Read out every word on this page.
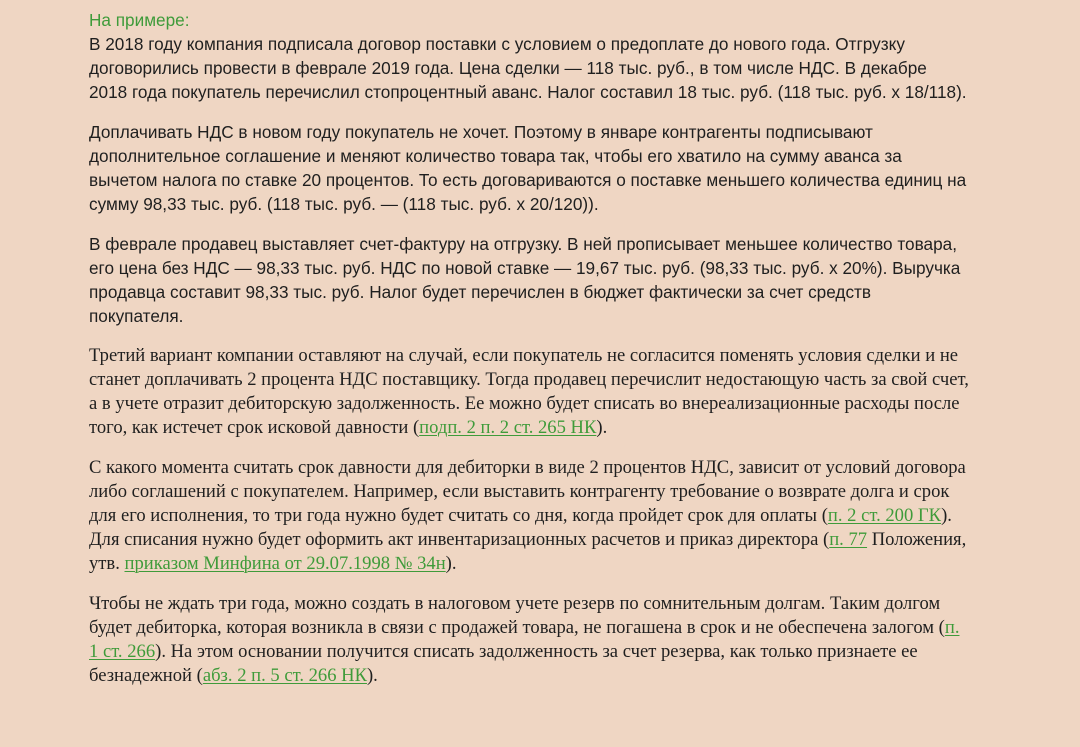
На примере:

В 2018 году компания подписала договор поставки с условием о предоплате до нового года. Отгрузку договорились провести в феврале 2019 года. Цена сделки — 118 тыс. руб., в том числе НДС. В декабре 2018 года покупатель перечислил стопроцентный аванс. Налог составил 18 тыс. руб. (118 тыс. руб. х 18/118).

Доплачивать НДС в новом году покупатель не хочет. Поэтому в январе контрагенты подписывают дополнительное соглашение и меняют количество товара так, чтобы его хватило на сумму аванса за вычетом налога по ставке 20 процентов. То есть договариваются о поставке меньшего количества единиц на сумму 98,33 тыс. руб. (118 тыс. руб. — (118 тыс. руб. х 20/120)).

В феврале продавец выставляет счет-фактуру на отгрузку. В ней прописывает меньшее количество товара, его цена без НДС — 98,33 тыс. руб. НДС по новой ставке — 19,67 тыс. руб. (98,33 тыс. руб. х 20%). Выручка продавца составит 98,33 тыс. руб. Налог будет перечислен в бюджет фактически за счет средств покупателя.

Третий вариант компании оставляют на случай, если покупатель не согласится поменять условия сделки и не станет доплачивать 2 процента НДС поставщику. Тогда продавец перечислит недостающую часть за свой счет, а в учете отразит дебиторскую задолженность. Ее можно будет списать во внереализационные расходы после того, как истечет срок исковой давности (подп. 2 п. 2 ст. 265 НК).

С какого момента считать срок давности для дебиторки в виде 2 процентов НДС, зависит от условий договора либо соглашений с покупателем. Например, если выставить контрагенту требование о возврате долга и срок для его исполнения, то три года нужно будет считать со дня, когда пройдет срок для оплаты (п. 2 ст. 200 ГК). Для списания нужно будет оформить акт инвентаризационных расчетов и приказ директора (п. 77 Положения, утв. приказом Минфина от 29.07.1998 № 34н).

Чтобы не ждать три года, можно создать в налоговом учете резерв по сомнительным долгам. Таким долгом будет дебиторка, которая возникла в связи с продажей товара, не погашена в срок и не обеспечена залогом (п. 1 ст. 266). На этом основании получится списать задолженность за счет резерва, как только признаете ее безнадежной (абз. 2 п. 5 ст. 266 НК).
